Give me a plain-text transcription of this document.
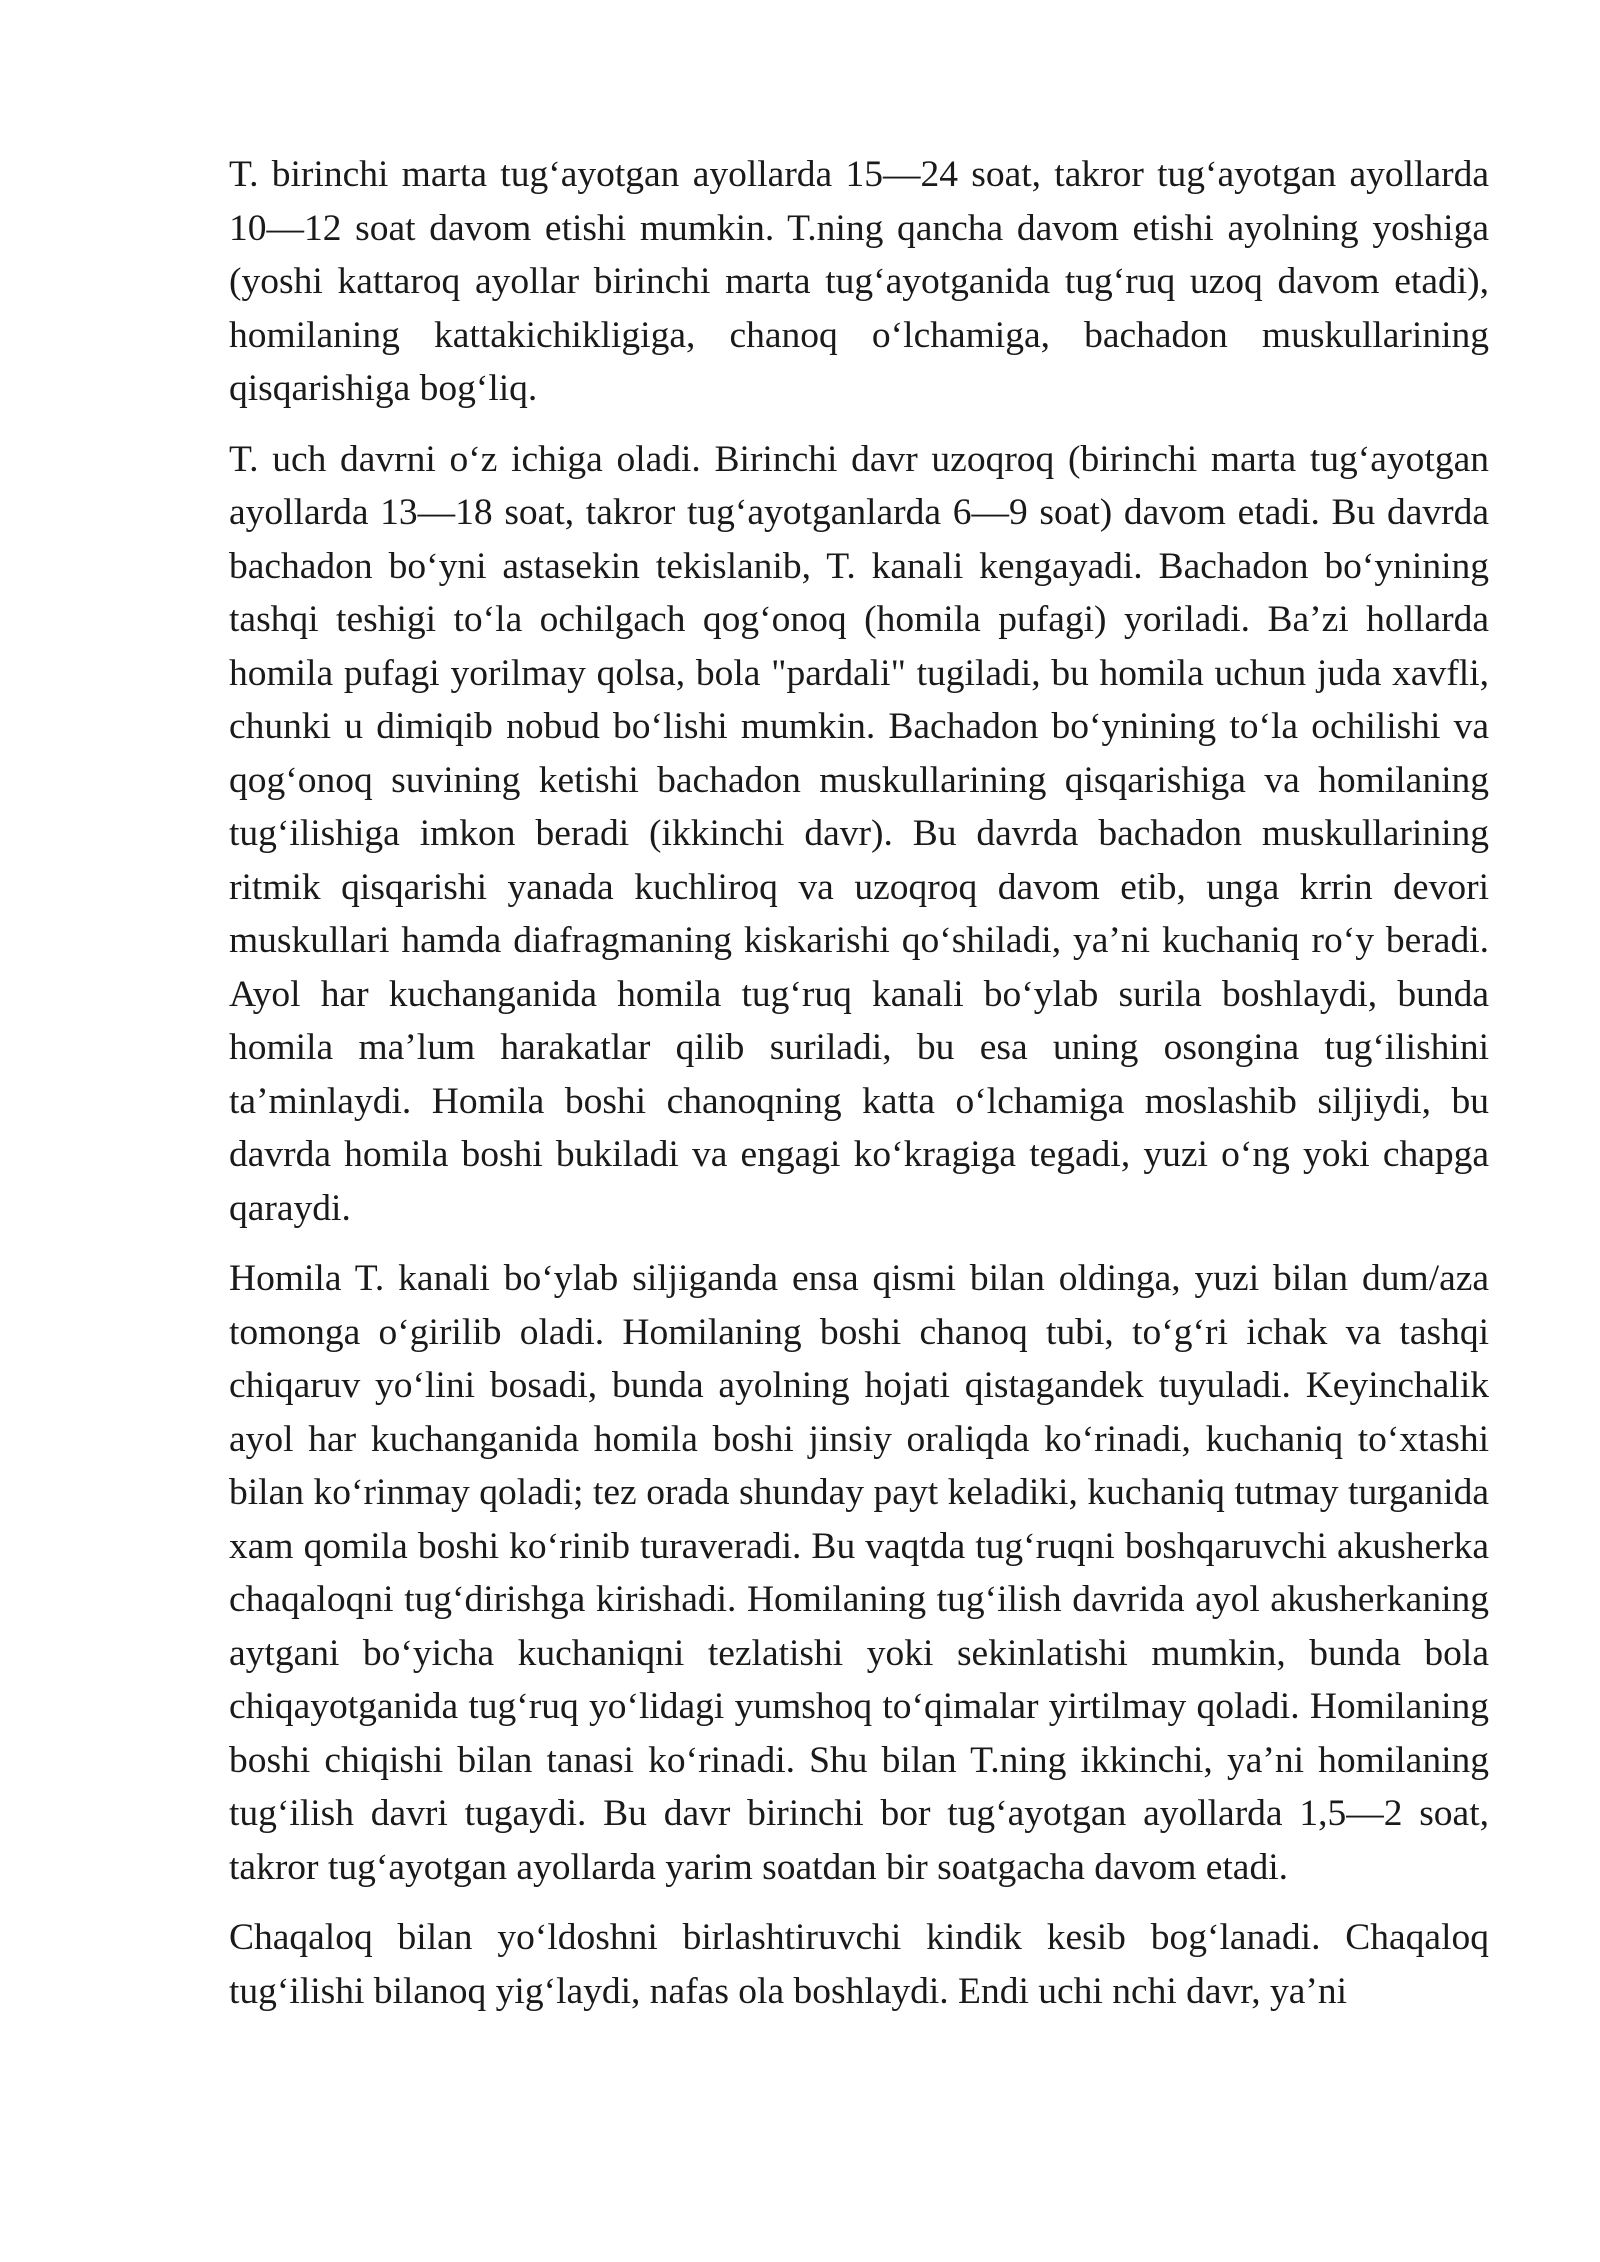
T. birinchi marta tug‘ayotgan ayollarda 15—24 soat, takror tug‘ayotgan ayollarda 10—12 soat davom etishi mumkin. T.ning qancha davom etishi ayolning yoshiga (yoshi kattaroq ayollar birinchi marta tug‘ayotganida tug‘ruq uzoq davom etadi), homilaning kattakichikligiga, chanoq o‘lchamiga, bachadon muskullarining qisqarishiga bog‘liq.

T. uch davrni o‘z ichiga oladi. Birinchi davr uzoqroq (birinchi marta tug‘ayotgan ayollarda 13—18 soat, takror tug‘ayotganlarda 6—9 soat) davom etadi. Bu davrda bachadon bo‘yni astasekin tekislanib, T. kanali kengayadi. Bachadon bo‘ynining tashqi teshigi to‘la ochilgach qog‘onoq (homila pufagi) yoriladi. Ba’zi hollarda homila pufagi yorilmay qolsa, bola "pardali" tugiladi, bu homila uchun juda xavfli, chunki u dimiqib nobud bo‘lishi mumkin. Bachadon bo‘ynining to‘la ochilishi va qog‘onoq suvining ketishi bachadon muskullarining qisqarishiga va homilaning tug‘ilishiga imkon beradi (ikkinchi davr). Bu davrda bachadon muskullarining ritmik qisqarishi yanada kuchliroq va uzoqroq davom etib, unga krrin devori muskullari hamda diafragmaning kiskarishi qo‘shiladi, ya’ni kuchaniq ro‘y beradi. Ayol har kuchanganida homila tug‘ruq kanali bo‘ylab surila boshlaydi, bunda homila ma’lum harakatlar qilib suriladi, bu esa uning osongina tug‘ilishini ta’minlaydi. Homila boshi chanoqning katta o‘lchamiga moslashib siljiydi, bu davrda homila boshi bukiladi va engagi ko‘kragiga tegadi, yuzi o‘ng yoki chapga qaraydi.

Homila T. kanali bo‘ylab siljiganda ensa qismi bilan oldinga, yuzi bilan dum/aza tomonga o‘girilib oladi. Homilaning boshi chanoq tubi, to‘g‘ri ichak va tashqi chiqaruv yo‘lini bosadi, bunda ayolning hojati qistagandek tuyuladi. Keyinchalik ayol har kuchanganida homila boshi jinsiy oraliqda ko‘rinadi, kuchaniq to‘xtashi bilan ko‘rinmay qoladi; tez orada shunday payt keladiki, kuchaniq tutmay turganida xam qomila boshi ko‘rinib turaveradi. Bu vaqtda tug‘ruqni boshqaruvchi akusherka chaqaloqni tug‘dirishga kirishadi. Homilaning tug‘ilish davrida ayol akusherkaning aytgani bo‘yicha kuchaniqni tezlatishi yoki sekinlatishi mumkin, bunda bola chiqayotganida tug‘ruq yo‘lidagi yumshoq to‘qimalar yirtilmay qoladi. Homilaning boshi chiqishi bilan tanasi ko‘rinadi. Shu bilan T.ning ikkinchi, ya’ni homilaning tug‘ilish davri tugaydi. Bu davr birinchi bor tug‘ayotgan ayollarda 1,5—2 soat, takror tug‘ayotgan ayollarda yarim soatdan bir soatgacha davom etadi.

Chaqaloq bilan yo‘ldoshni birlashtiruvchi kindik kesib bog‘lanadi. Chaqaloq tug‘ilishi bilanoq yig‘laydi, nafas ola boshlaydi. Endi uchi nchi davr, ya’ni
